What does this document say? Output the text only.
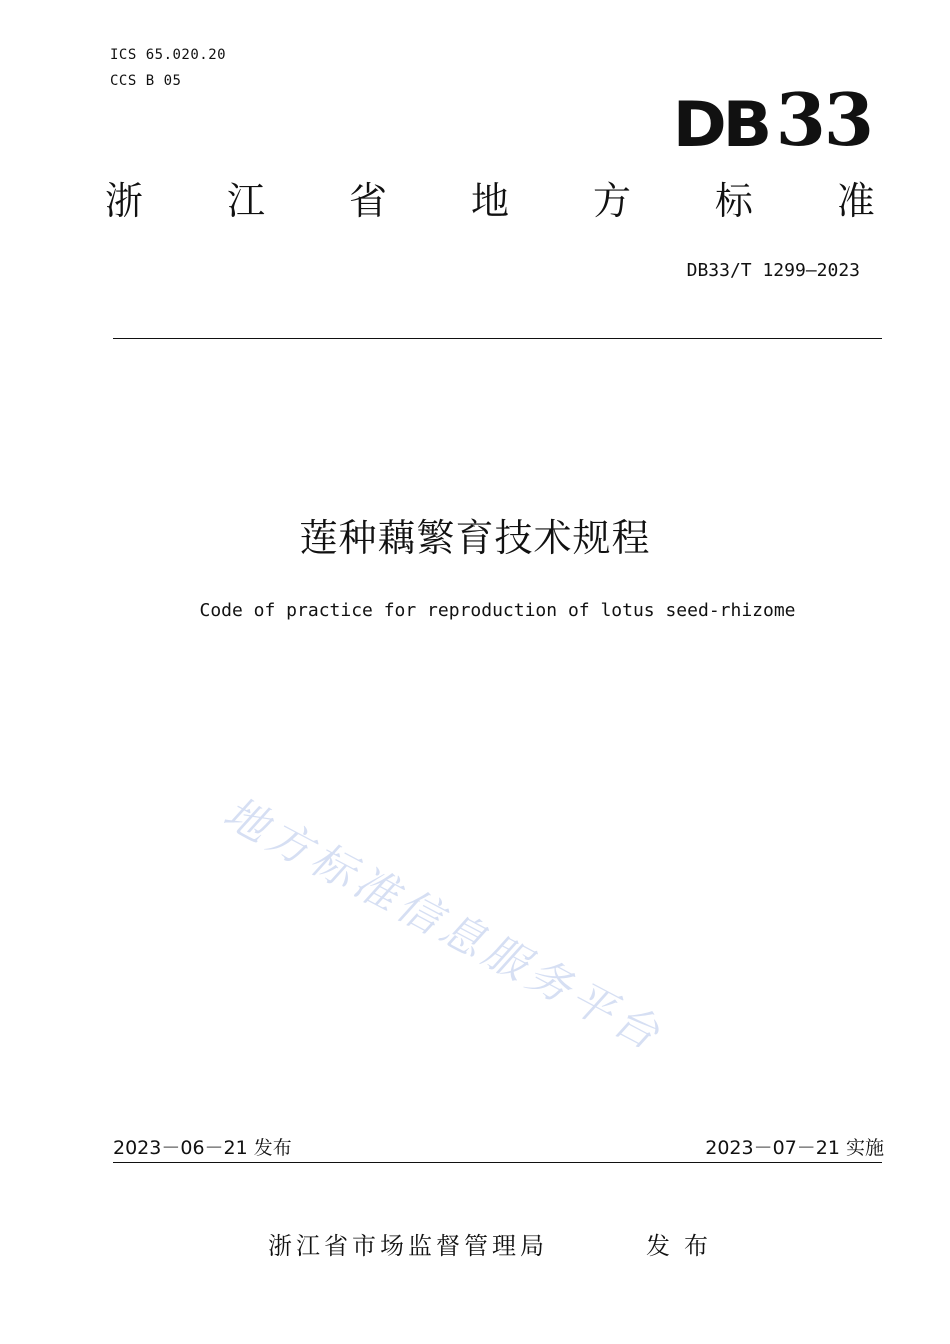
ICS 65.020.20
CCS B 05
DB 33
浙 江 省 地 方 标 准
DB33/T 1299—2023
莲种藕繁育技术规程
Code of practice for reproduction of lotus seed-rhizome
地方标准信息服务平台
2023－06－21 发布	2023－07－21 实施
浙江省市场监督管理局	发布
